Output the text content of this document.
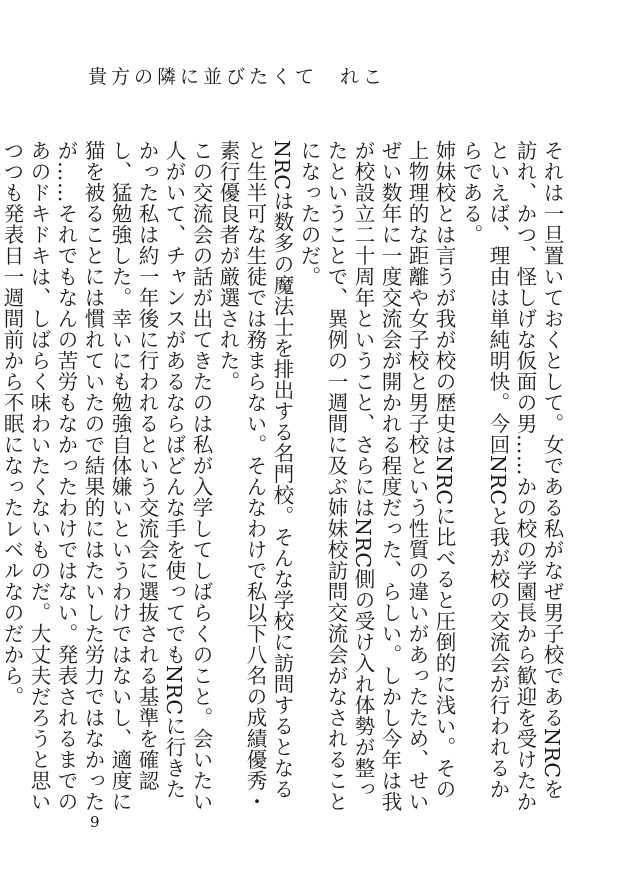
貴方の隣に並びたくて れこ

それは一旦置いておくとして。女である私がなぜ男子校であるNRCを訪れ、かつ、怪しげな仮面の男……かの校の学園長から歓迎を受けたかといえば、理由は単純明快。今回NRCと我が校の交流会が行われるからである。

姉妹校とは言うが我が校の歴史はNRCに比べると圧倒的に浅い。その上物理的な距離や女子校と男子校という性質の違いがあったため、せいぜい数年に一度交流会が開かれる程度だった、らしい。しかし今年は我が校設立二十周年ということ、さらにはNRC側の受け入れ体勢が整ったということで、異例の一週間に及ぶ姉妹校訪問交流会がなされることになったのだ。

NRCは数多の魔法士を排出する名門校。そんな学校に訪問するとなると生半可な生徒では務まらない。そんなわけで私以下八名の成績優秀・素行優良者が厳選された。

この交流会の話が出てきたのは私が入学してしばらくのこと。会いたい人がいて、チャンスがあるならばどんな手を使ってでもNRCに行きたかった私は約一年後に行われるという交流会に選抜される基準を確認し、猛勉強した。幸いにも勉強自体嫌いというわけではないし、適度に猫を被ることには慣れていたので結果的にはたいした労力ではなかったが……それでもなんの苦労もなかったわけではない。発表されるまでのあのドキドキは、しばらく味わいたくないものだ。大丈夫だろうと思いつつも発表日一週間前から不眠になったレベルなのだから。

9
